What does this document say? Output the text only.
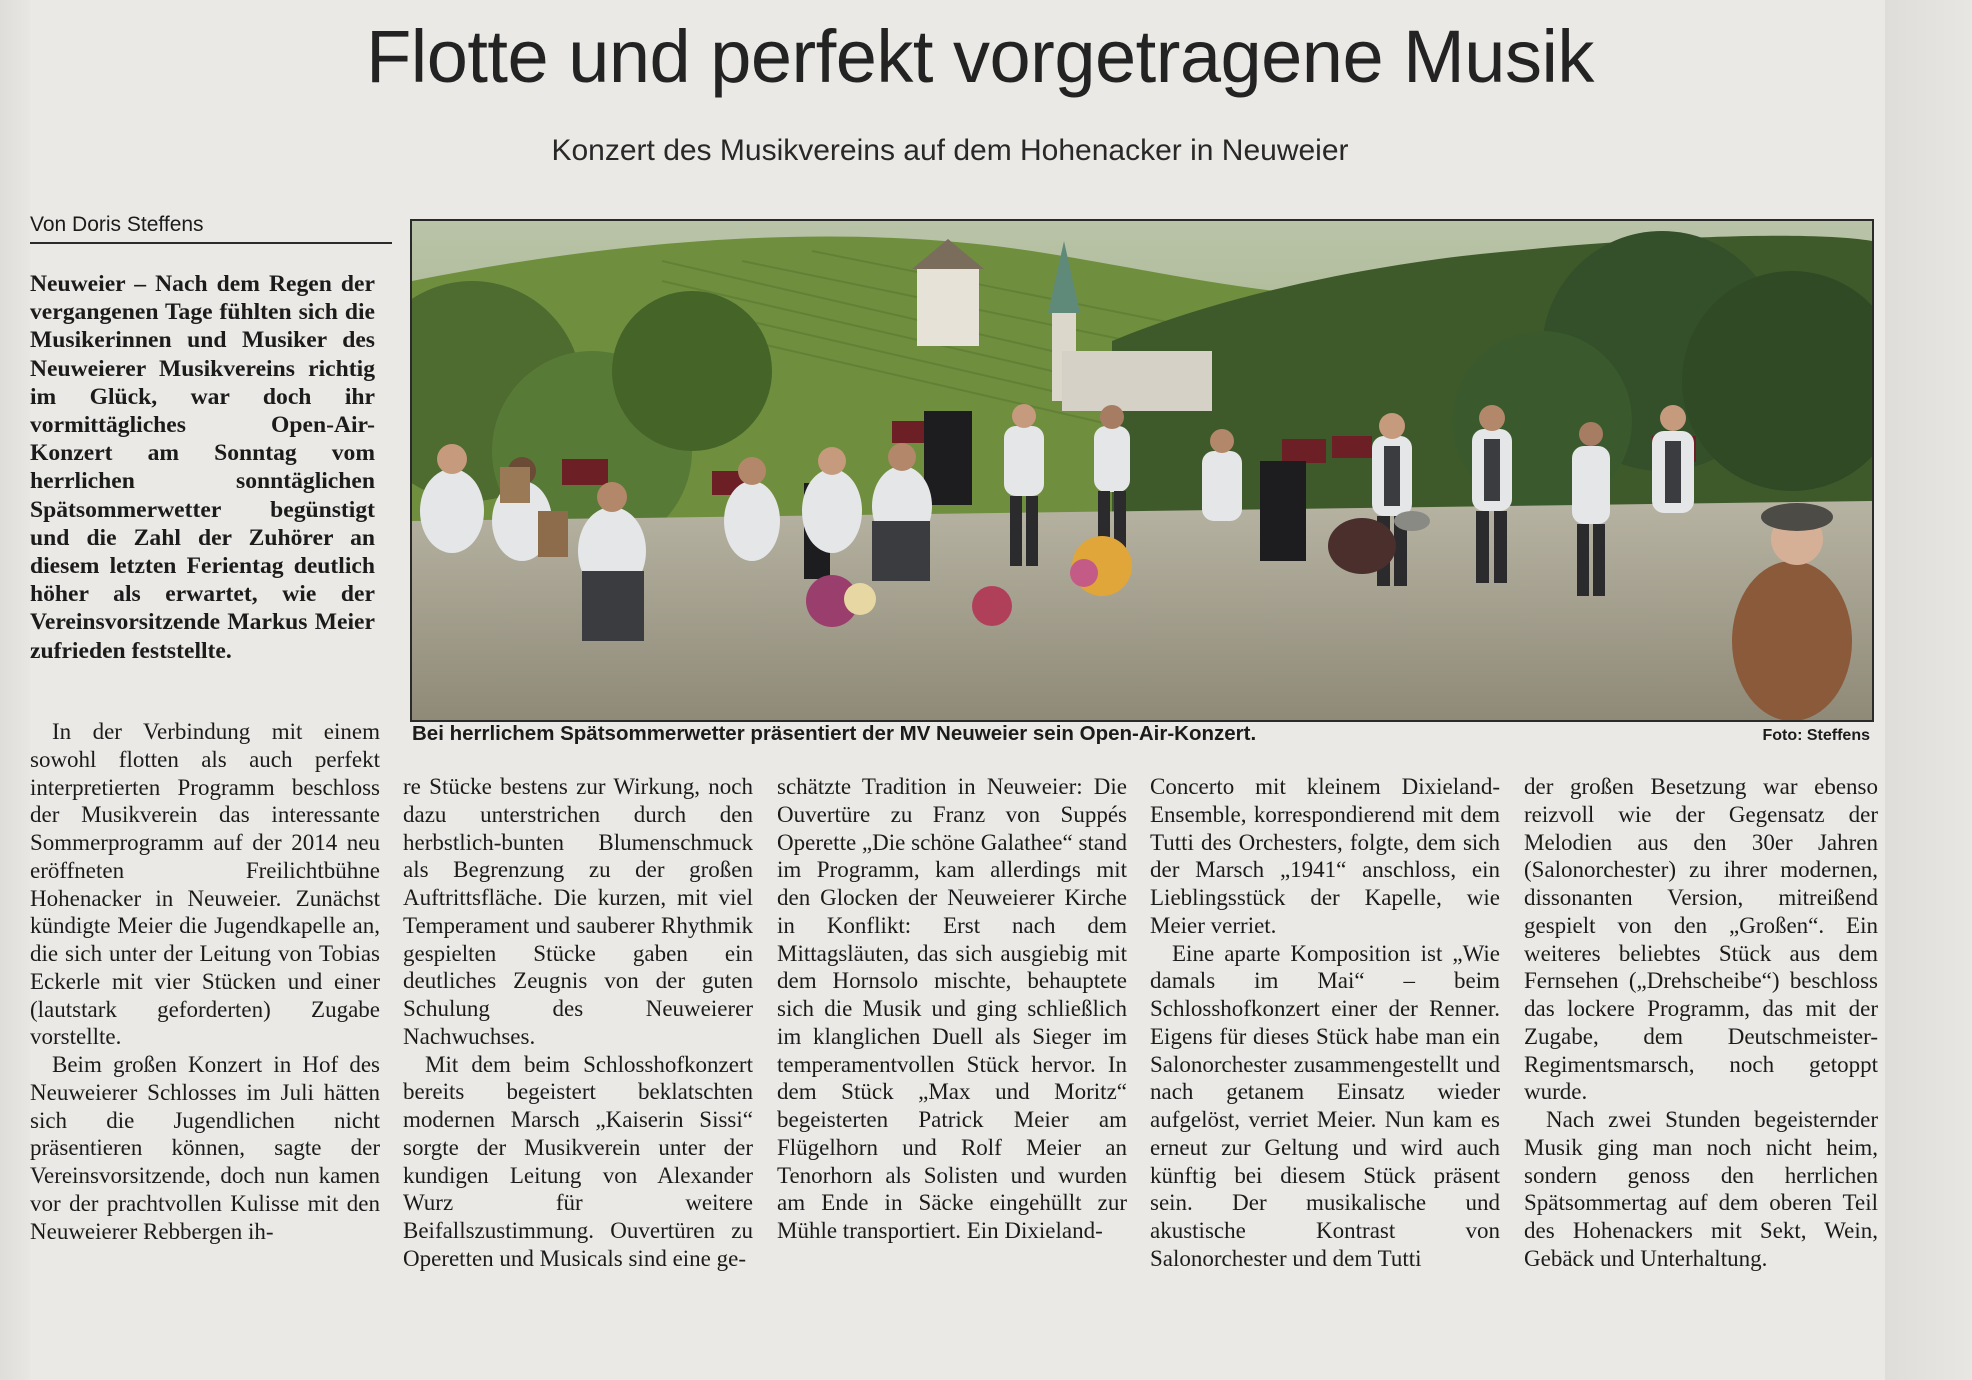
Flotte und perfekt vorgetragene Musik
Konzert des Musikvereins auf dem Hohenacker in Neuweier
Von Doris Steffens
Neuweier – Nach dem Regen der vergangenen Tage fühlten sich die Musikerinnen und Musiker des Neuweierer Musikvereins richtig im Glück, war doch ihr vormittägliches Open-Air-Konzert am Sonntag vom herrlichen sonntäglichen Spätsommerwetter begünstigt und die Zahl der Zuhörer an diesem letzten Ferientag deutlich höher als erwartet, wie der Vereinsvorsitzende Markus Meier zufrieden feststellte.
Bei herrlichem Spätsommerwetter präsentiert der MV Neuweier sein Open-Air-Konzert.	Foto: Steffens

In der Verbindung mit einem sowohl flotten als auch perfekt interpretierten Programm beschloss der Musikverein das interessante Sommerprogramm auf der 2014 neu eröffneten Freilichtbühne Hohenacker in Neuweier. Zunächst kündigte Meier die Jugendkapelle an, die sich unter der Leitung von Tobias Eckerle mit vier Stücken und einer (lautstark geforderten) Zugabe vorstellte.

Beim großen Konzert in Hof des Neuweierer Schlosses im Juli hätten sich die Jugendlichen nicht präsentieren können, sagte der Vereinsvorsitzende, doch nun kamen vor der prachtvollen Kulisse mit den Neuweierer Rebbergen ih-

re Stücke bestens zur Wirkung, noch dazu unterstrichen durch den herbstlich-bunten Blumenschmuck als Begrenzung zu der großen Auftrittsfläche. Die kurzen, mit viel Temperament und sauberer Rhythmik gespielten Stücke gaben ein deutliches Zeugnis von der guten Schulung des Neuweierer Nachwuchses.

Mit dem beim Schlosshofkonzert bereits begeistert beklatschten modernen Marsch „Kaiserin Sissi“ sorgte der Musikverein unter der kundigen Leitung von Alexander Wurz für weitere Beifallszustimmung. Ouvertüren zu Operetten und Musicals sind eine ge-

schätzte Tradition in Neuweier: Die Ouvertüre zu Franz von Suppés Operette „Die schöne Galathee“ stand im Programm, kam allerdings mit den Glocken der Neuweierer Kirche in Konflikt: Erst nach dem Mittagsläuten, das sich ausgiebig mit dem Hornsolo mischte, behauptete sich die Musik und ging schließlich im klanglichen Duell als Sieger im temperamentvollen Stück hervor. In dem Stück „Max und Moritz“ begeisterten Patrick Meier am Flügelhorn und Rolf Meier an Tenorhorn als Solisten und wurden am Ende in Säcke eingehüllt zur Mühle transportiert. Ein Dixieland-

Concerto mit kleinem Dixieland-Ensemble, korrespondierend mit dem Tutti des Orchesters, folgte, dem sich der Marsch „1941“ anschloss, ein Lieblingsstück der Kapelle, wie Meier verriet.

Eine aparte Komposition ist „Wie damals im Mai“ – beim Schlosshofkonzert einer der Renner. Eigens für dieses Stück habe man ein Salonorchester zusammengestellt und nach getanem Einsatz wieder aufgelöst, verriet Meier. Nun kam es erneut zur Geltung und wird auch künftig bei diesem Stück präsent sein. Der musikalische und akustische Kontrast von Salonorchester und dem Tutti

der großen Besetzung war ebenso reizvoll wie der Gegensatz der Melodien aus den 30er Jahren (Salonorchester) zu ihrer modernen, dissonanten Version, mitreißend gespielt von den „Großen“. Ein weiteres beliebtes Stück aus dem Fernsehen („Drehscheibe“) beschloss das lockere Programm, das mit der Zugabe, dem Deutschmeister-Regimentsmarsch, noch getoppt wurde.

Nach zwei Stunden begeisternder Musik ging man noch nicht heim, sondern genoss den herrlichen Spätsommertag auf dem oberen Teil des Hohenackers mit Sekt, Wein, Gebäck und Unterhaltung.
